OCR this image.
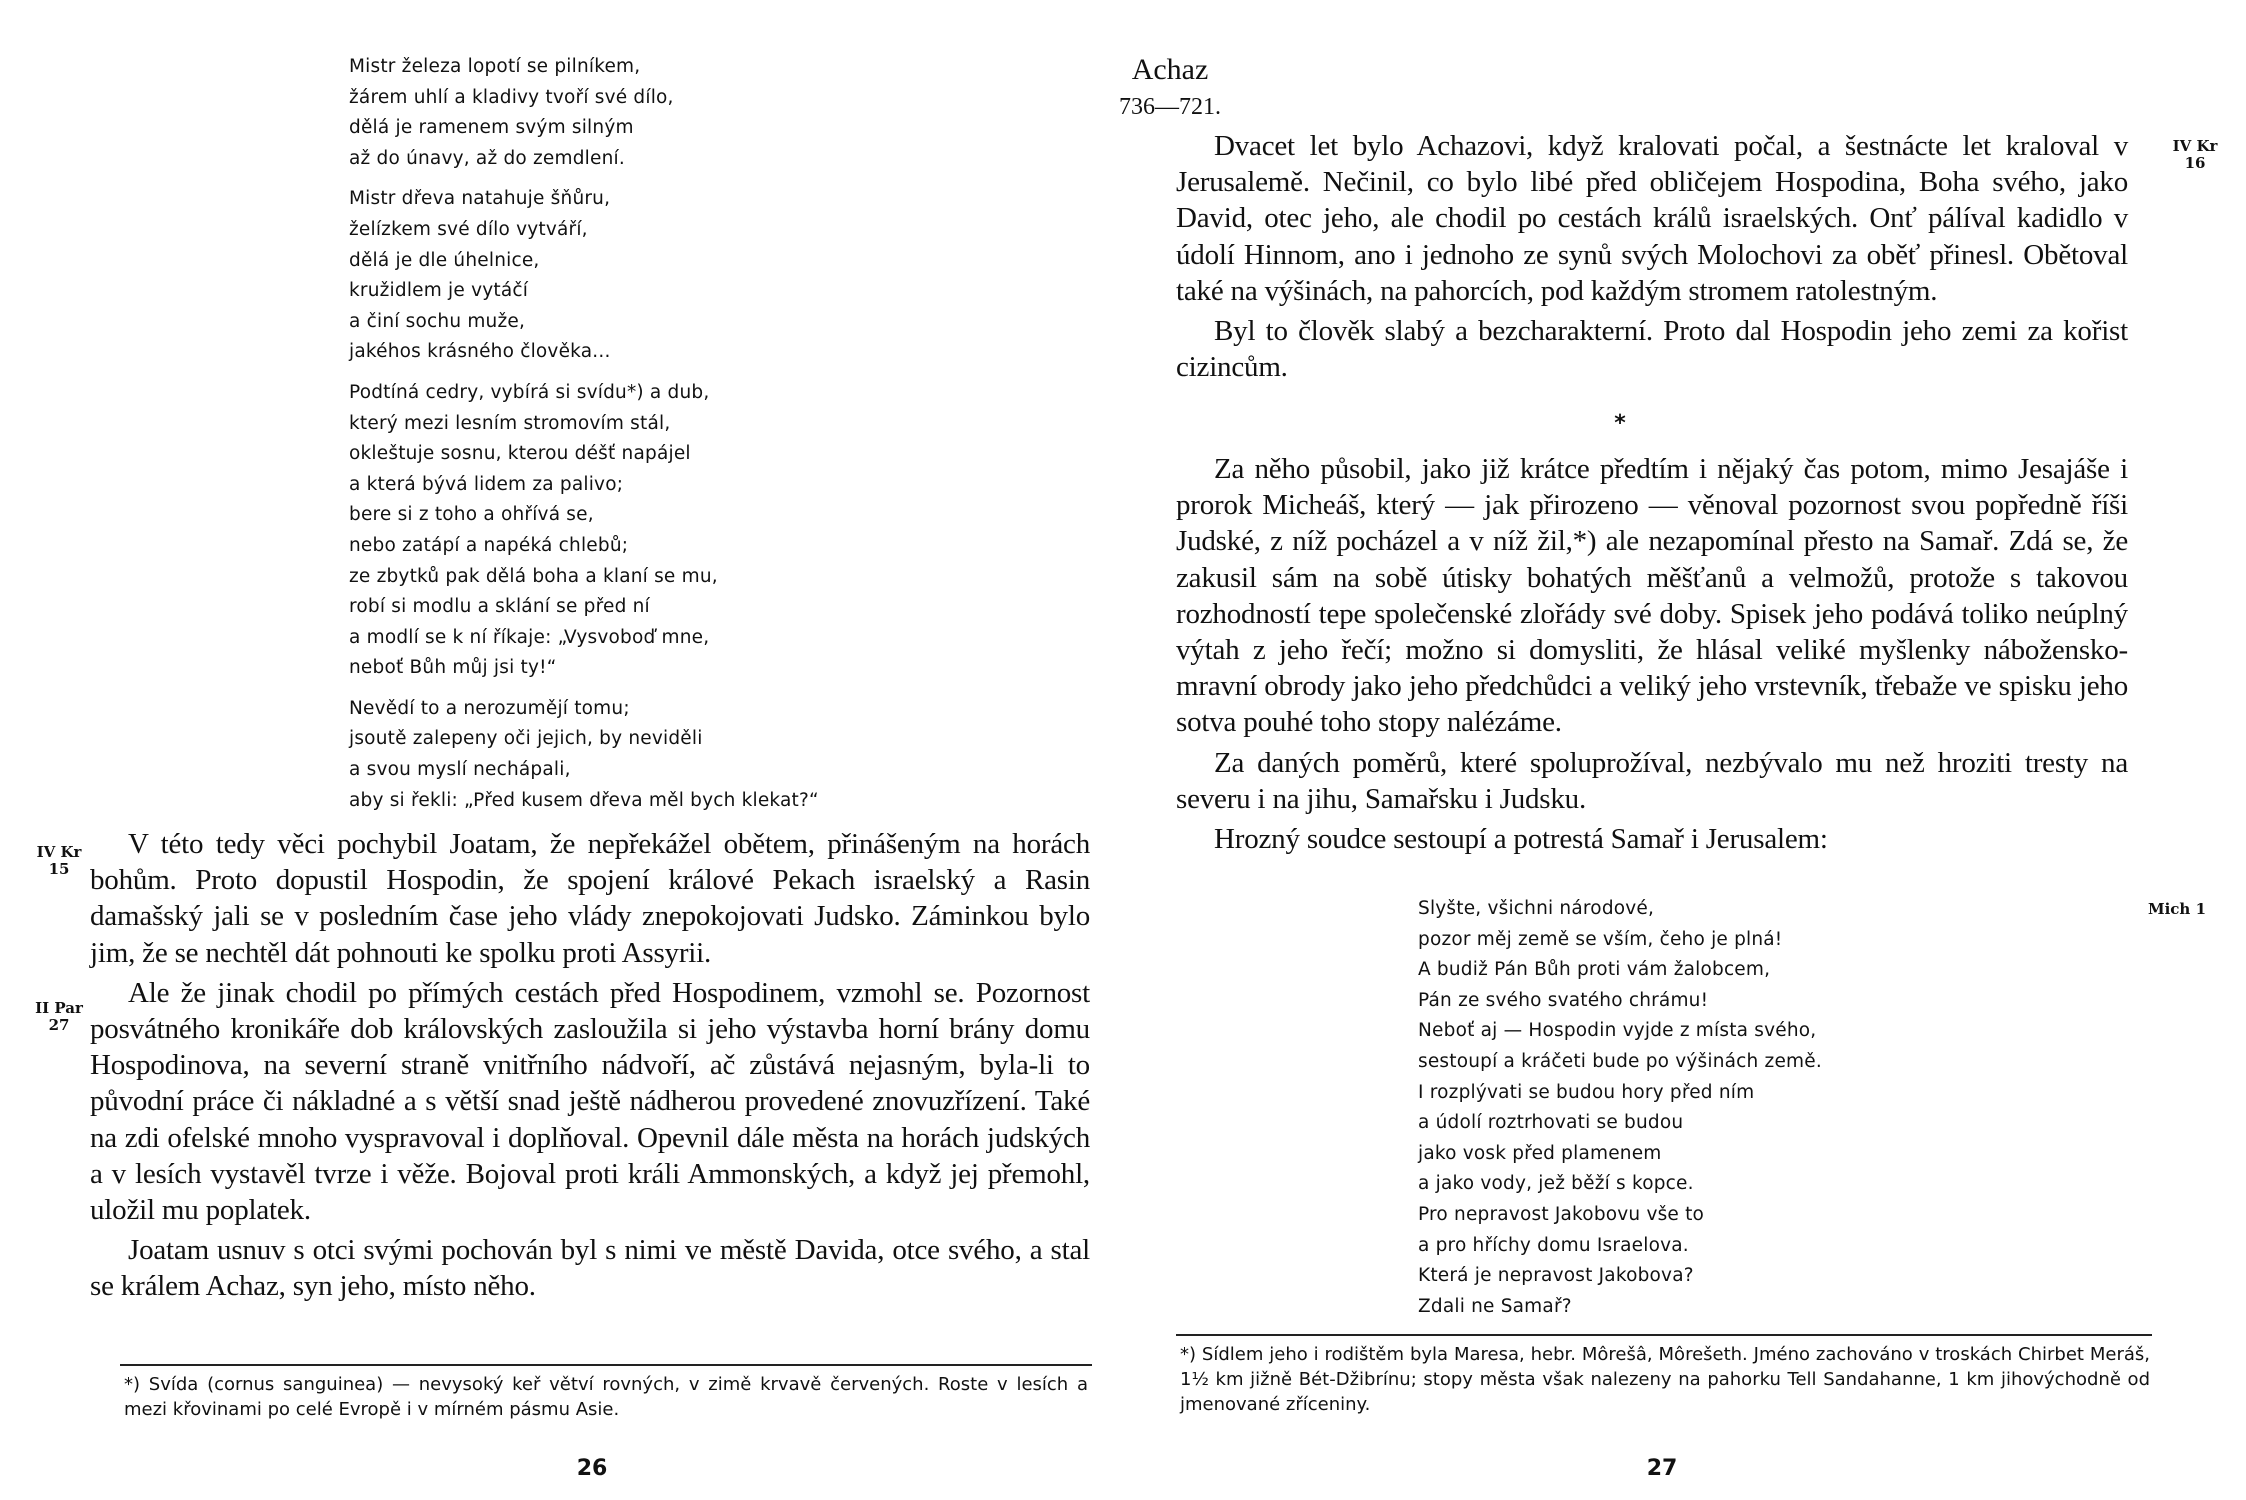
Mistr železa lopotí se pilníkem,
žárem uhlí a kladivy tvoří své dílo,
dělá je ramenem svým silným
až do únavy, až do zemdlení.
Mistr dřeva natahuje šňůru,
želízkem své dílo vytváří,
dělá je dle úhelnice,
kružidlem je vytáčí
a činí sochu muže,
jakéhos krásného člověka...
Podtíná cedry, vybírá si svídu*) a dub,
který mezi lesním stromovím stál,
okleštuje sosnu, kterou déšť napájel
a která bývá lidem za palivo;
bere si z toho a ohřívá se,
nebo zatápí a napéká chlebů;
ze zbytků pak dělá boha a klaní se mu,
robí si modlu a sklání se před ní
a modlí se k ní říkaje: „Vysvoboď mne,
neboť Bůh můj jsi ty!“
Nevědí to a nerozumějí tomu;
jsoutě zalepeny oči jejich, by neviděli
a svou myslí nechápali,
aby si řekli: „Před kusem dřeva měl bych klekat?“
IV Kr
15
II Par
27

V této tedy věci pochybil Joatam, že nepřekážel obětem, přinášeným na horách bohům. Proto dopustil Hospodin, že spojení králové Pekach israelský a Rasin damašský jali se v posledním čase jeho vlády znepokojovati Judsko. Záminkou bylo jim, že se nechtěl dát pohnouti ke spolku proti Assyrii.

Ale že jinak chodil po přímých cestách před Hospodinem, vzmohl se. Pozornost posvátného kronikáře dob královských zasloužila si jeho výstavba horní brány domu Hospodinova, na severní straně vnitřního nádvoří, ač zůstává nejasným, byla-li to původní práce či nákladné a s větší snad ještě nádherou provedené znovuzřízení. Také na zdi ofelské mnoho vyspravoval i doplňoval. Opevnil dále města na horách judských a v lesích vystavěl tvrze i věže. Bojoval proti králi Ammonských, a když jej přemohl, uložil mu poplatek.

Joatam usnuv s otci svými pochován byl s nimi ve městě Davida, otce svého, a stal se králem Achaz, syn jeho, místo něho.

*) Svída (cornus sanguinea) — nevysoký keř větví rovných, v zimě krvavě červených. Roste v lesích a mezi křovinami po celé Evropě i v mírném pásmu Asie.
26
Achaz
736—721.
IV Kr
16

Dvacet let bylo Achazovi, když kralovati počal, a šestnácte let kraloval v Jerusalemě. Nečinil, co bylo libé před obličejem Hospodina, Boha svého, jako David, otec jeho, ale chodil po cestách králů israelských. Onť pálíval kadidlo v údolí Hinnom, ano i jednoho ze synů svých Molochovi za oběť přinesl. Obětoval také na výšinách, na pahorcích, pod každým stromem ratolestným.

Byl to člověk slabý a bezcharakterní. Proto dal Hospodin jeho zemi za kořist cizincům.

*

Za něho působil, jako již krátce předtím i nějaký čas potom, mimo Jesajáše i prorok Micheáš, který — jak přirozeno — věnoval pozornost svou popředně říši Judské, z níž pocházel a v níž žil,*) ale nezapomínal přesto na Samař. Zdá se, že zakusil sám na sobě útisky bohatých měšťanů a velmožů, protože s takovou rozhodností tepe společenské zlořády své doby. Spisek jeho podává toliko neúplný výtah z jeho řečí; možno si domysliti, že hlásal veliké myšlenky nábožensko-mravní obrody jako jeho předchůdci a veliký jeho vrstevník, třebaže ve spisku jeho sotva pouhé toho stopy nalézáme.

Za daných poměrů, které spoluprožíval, nezbývalo mu než hroziti tresty na severu i na jihu, Samařsku i Judsku.

Hrozný soudce sestoupí a potrestá Samař i Jerusalem:

Mich 1
Slyšte, všichni národové,
pozor měj země se vším, čeho je plná!
A budiž Pán Bůh proti vám žalobcem,
Pán ze svého svatého chrámu!
Neboť aj — Hospodin vyjde z místa svého,
sestoupí a kráčeti bude po výšinách země.
I rozplývati se budou hory před ním
a údolí roztrhovati se budou
jako vosk před plamenem
a jako vody, jež běží s kopce.
Pro nepravost Jakobovu vše to
a pro hříchy domu Israelova.
Která je nepravost Jakobova?
Zdali ne Samař?
*) Sídlem jeho i rodištěm byla Maresa, hebr. Môrešâ, Môrešeth. Jméno zachováno v troskách Chirbet Meráš, 1½ km jižně Bét-Džibrínu; stopy města však nalezeny na pahorku Tell Sandahanne, 1 km jihovýchodně od jmenované zříceniny.
27
